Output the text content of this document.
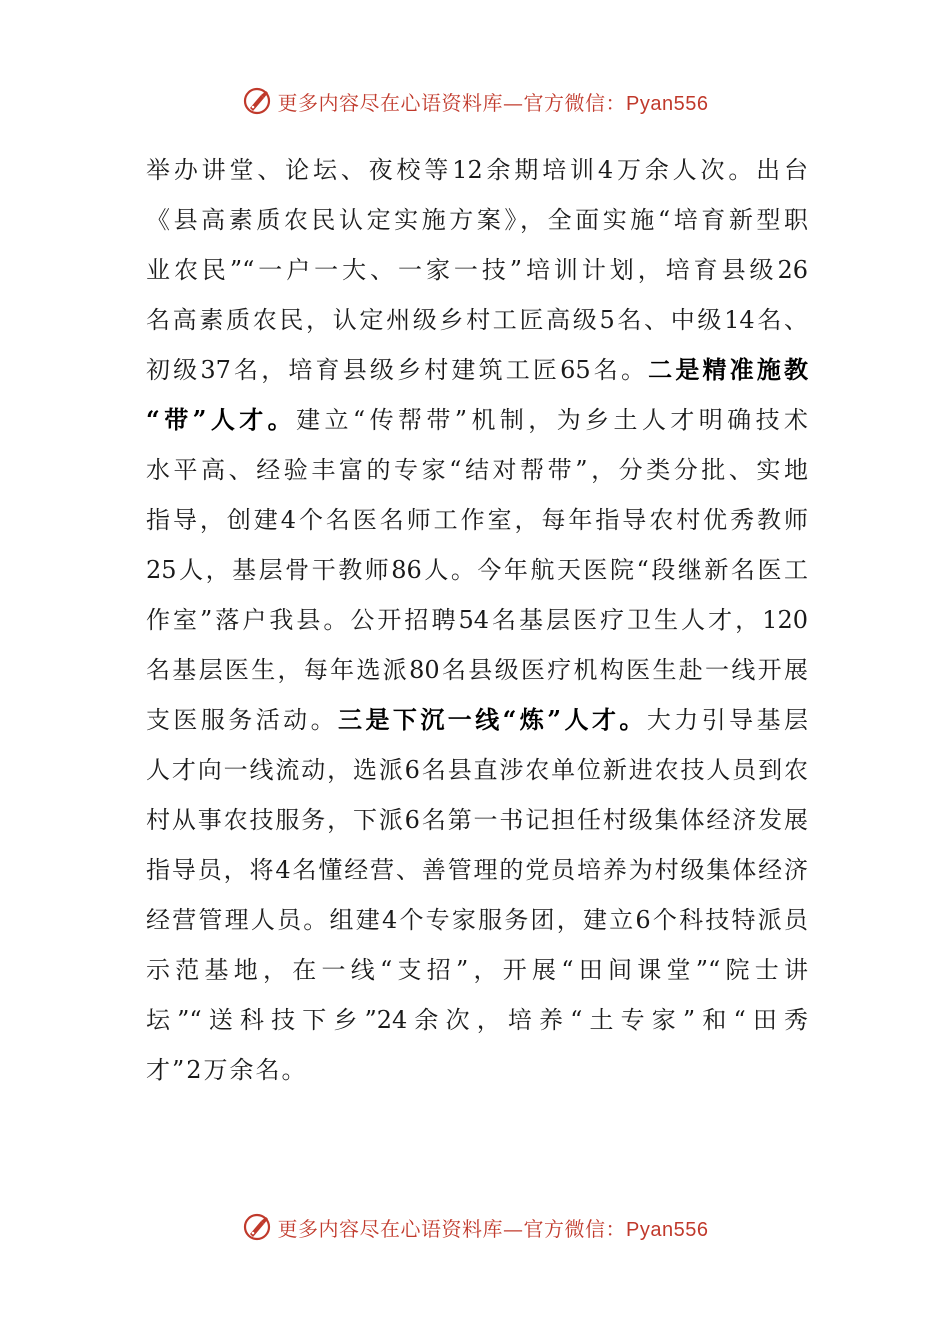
更多内容尽在心语资料库—官方微信：Pyan556
举办讲堂、论坛、夜校等12余期培训4万余人次。出台
《县高素质农民认定实施方案》，全面实施“培育新型职
业农民”“一户一大、一家一技”培训计划，培育县级26
名高素质农民，认定州级乡村工匠高级5名、中级14名、
初级37名，培育县级乡村建筑工匠65名。二是精准施教
“带”人才。建立“传帮带”机制，为乡土人才明确技术
水平高、经验丰富的专家“结对帮带”，分类分批、实地
指导，创建4个名医名师工作室，每年指导农村优秀教师
25人，基层骨干教师86人。今年航天医院“段继新名医工
作室”落户我县。公开招聘54名基层医疗卫生人才，120
名基层医生，每年选派80名县级医疗机构医生赴一线开展
支医服务活动。三是下沉一线“炼”人才。大力引导基层
人才向一线流动，选派6名县直涉农单位新进农技人员到农
村从事农技服务，下派6名第一书记担任村级集体经济发展
指导员，将4名懂经营、善管理的党员培养为村级集体经济
经营管理人员。组建4个专家服务团，建立6个科技特派员
示范基地，在一线“支招”，开展“田间课堂”“院士讲
坛”“送科技下乡”24余次，培养“土专家”和“田秀
才”2万余名。
更多内容尽在心语资料库—官方微信：Pyan556
